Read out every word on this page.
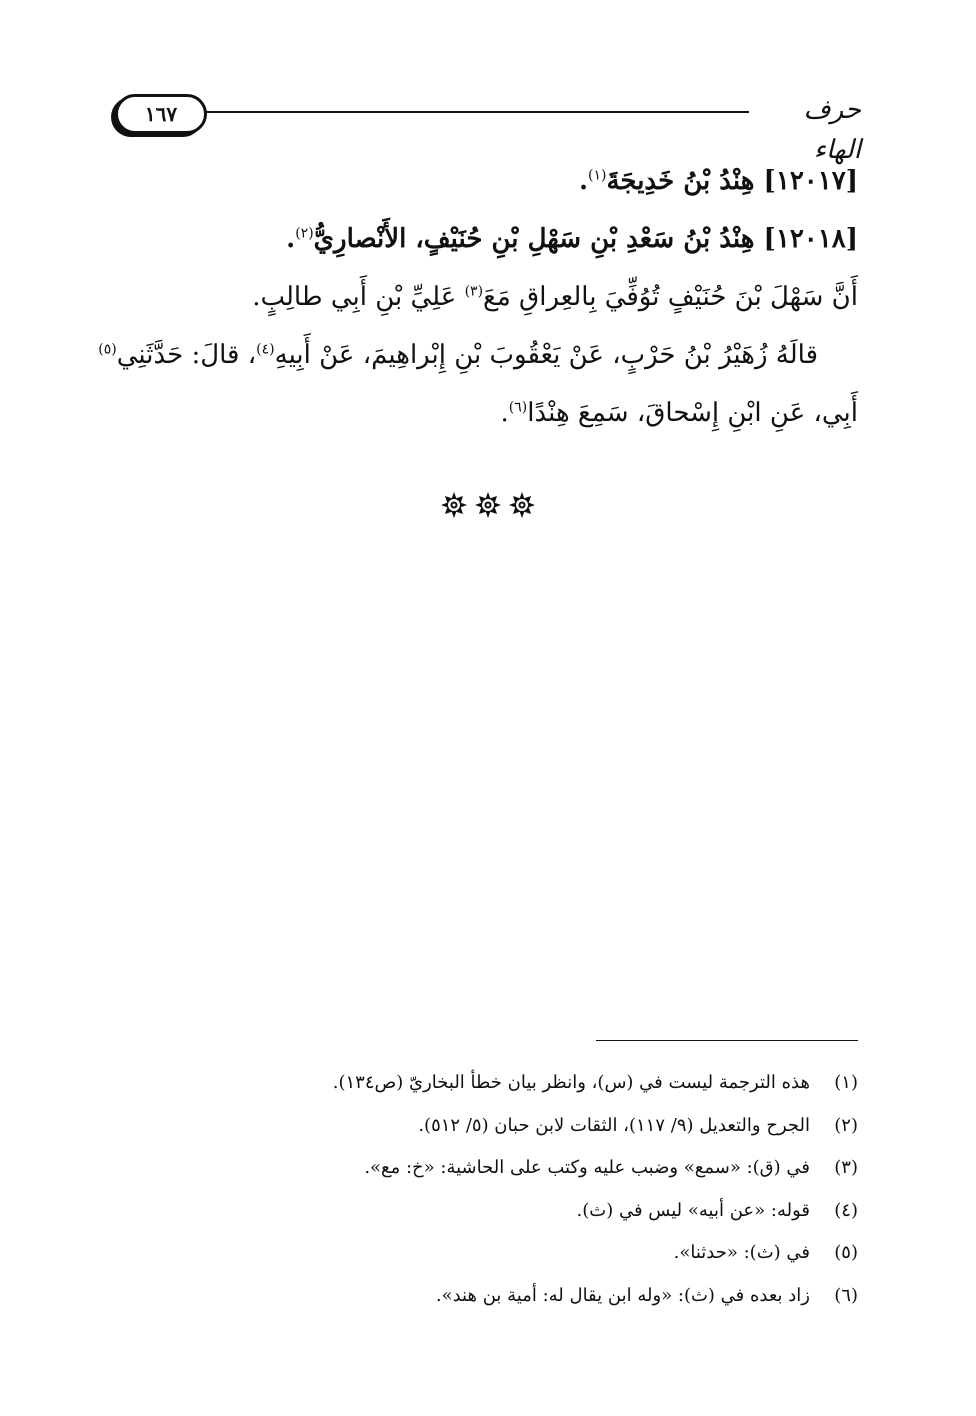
١٦٧	حرف الهاء
[١٢٠١٧] هِنْدُ بْنُ خَدِيجَةَ$^{(١)}$.
[١٢٠١٨] هِنْدُ بْنُ سَعْدِ بْنِ سَهْلِ بْنِ حُنَيْفٍ، الأَنْصارِيُّ$^{(٢)}$.
أَنَّ سَهْلَ بْنَ حُنَيْفٍ تُوُفِّيَ بِالعِراقِ مَعَ$^{(٣)}$ عَلِيِّ بْنِ أَبِي طالِبٍ.
قالَهُ زُهَيْرُ بْنُ حَرْبٍ، عَنْ يَعْقُوبَ بْنِ إِبْراهِيمَ، عَنْ أَبِيهِ$^{(٤)}$، قالَ: حَدَّثَنِي$^{(٥)}$
أَبِي، عَنِ ابْنِ إِسْحاقَ، سَمِعَ هِنْدًا$^{(٦)}$.
(١)هذه الترجمة ليست في (س)، وانظر بيان خطأ البخاريّ (ص١٣٤).
(٢)الجرح والتعديل (٩/ ١١٧)، الثقات لابن حبان (٥/ ٥١٢).
(٣)في (ق): «سمع» وضبب عليه وكتب على الحاشية: «خ: مع».
(٤)قوله: «عن أبيه» ليس في (ث).
(٥)في (ث): «حدثنا».
(٦)زاد بعده في (ث): «وله ابن يقال له: أمية بن هند».
